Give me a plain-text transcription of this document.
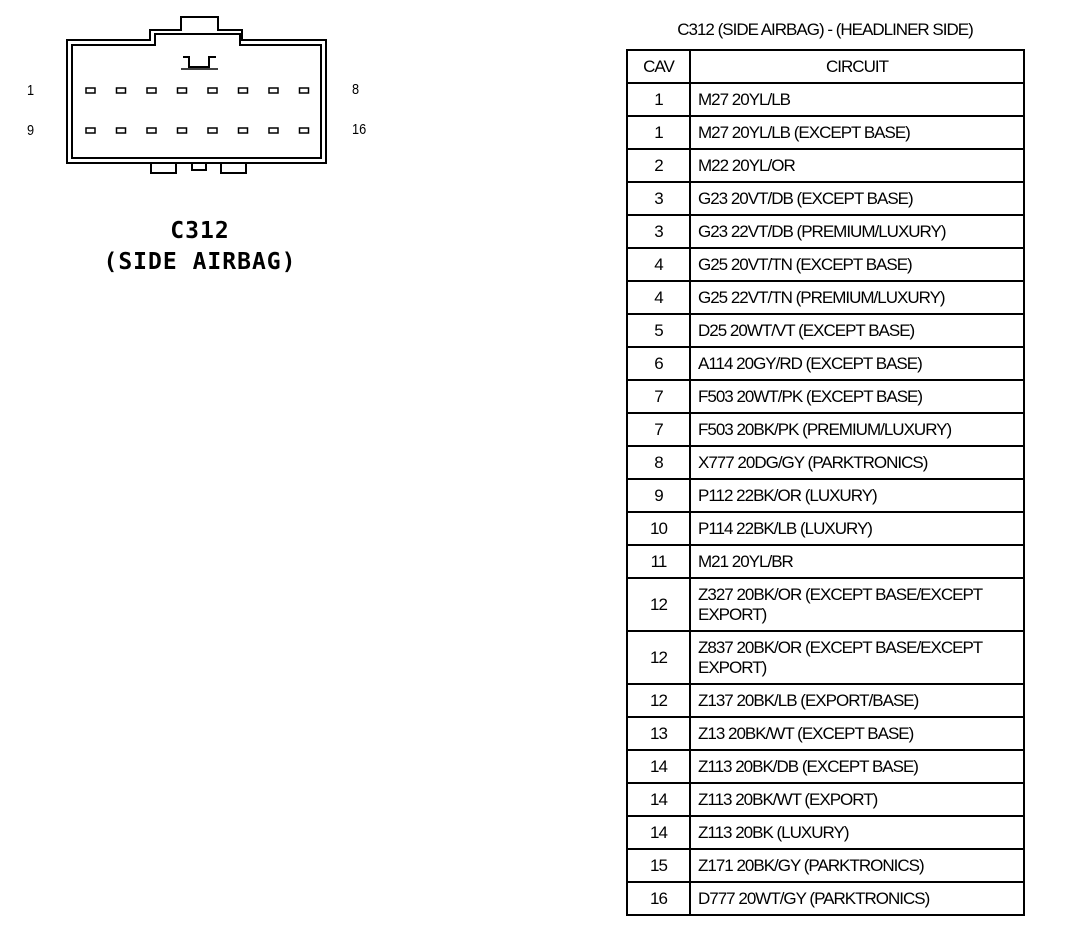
1	8
9	16
C312
(SIDE AIRBAG)
C312 (SIDE AIRBAG) - (HEADLINER SIDE)
CAV	CIRCUIT
1	M27 20YL/LB
1	M27 20YL/LB (EXCEPT BASE)
2	M22 20YL/OR
3	G23 20VT/DB (EXCEPT BASE)
3	G23 22VT/DB (PREMIUM/LUXURY)
4	G25 20VT/TN (EXCEPT BASE)
4	G25 22VT/TN (PREMIUM/LUXURY)
5	D25 20WT/VT (EXCEPT BASE)
6	A114 20GY/RD (EXCEPT BASE)
7	F503 20WT/PK (EXCEPT BASE)
7	F503 20BK/PK (PREMIUM/LUXURY)
8	X777 20DG/GY (PARKTRONICS)
9	P112 22BK/OR (LUXURY)
10	P114 22BK/LB (LUXURY)
11	M21 20YL/BR
12	Z327 20BK/OR (EXCEPT BASE/EXCEPT EXPORT)
12	Z837 20BK/OR (EXCEPT BASE/EXCEPT EXPORT)
12	Z137 20BK/LB (EXPORT/BASE)
13	Z13 20BK/WT (EXCEPT BASE)
14	Z113 20BK/DB (EXCEPT BASE)
14	Z113 20BK/WT (EXPORT)
14	Z113 20BK (LUXURY)
15	Z171 20BK/GY (PARKTRONICS)
16	D777 20WT/GY (PARKTRONICS)
